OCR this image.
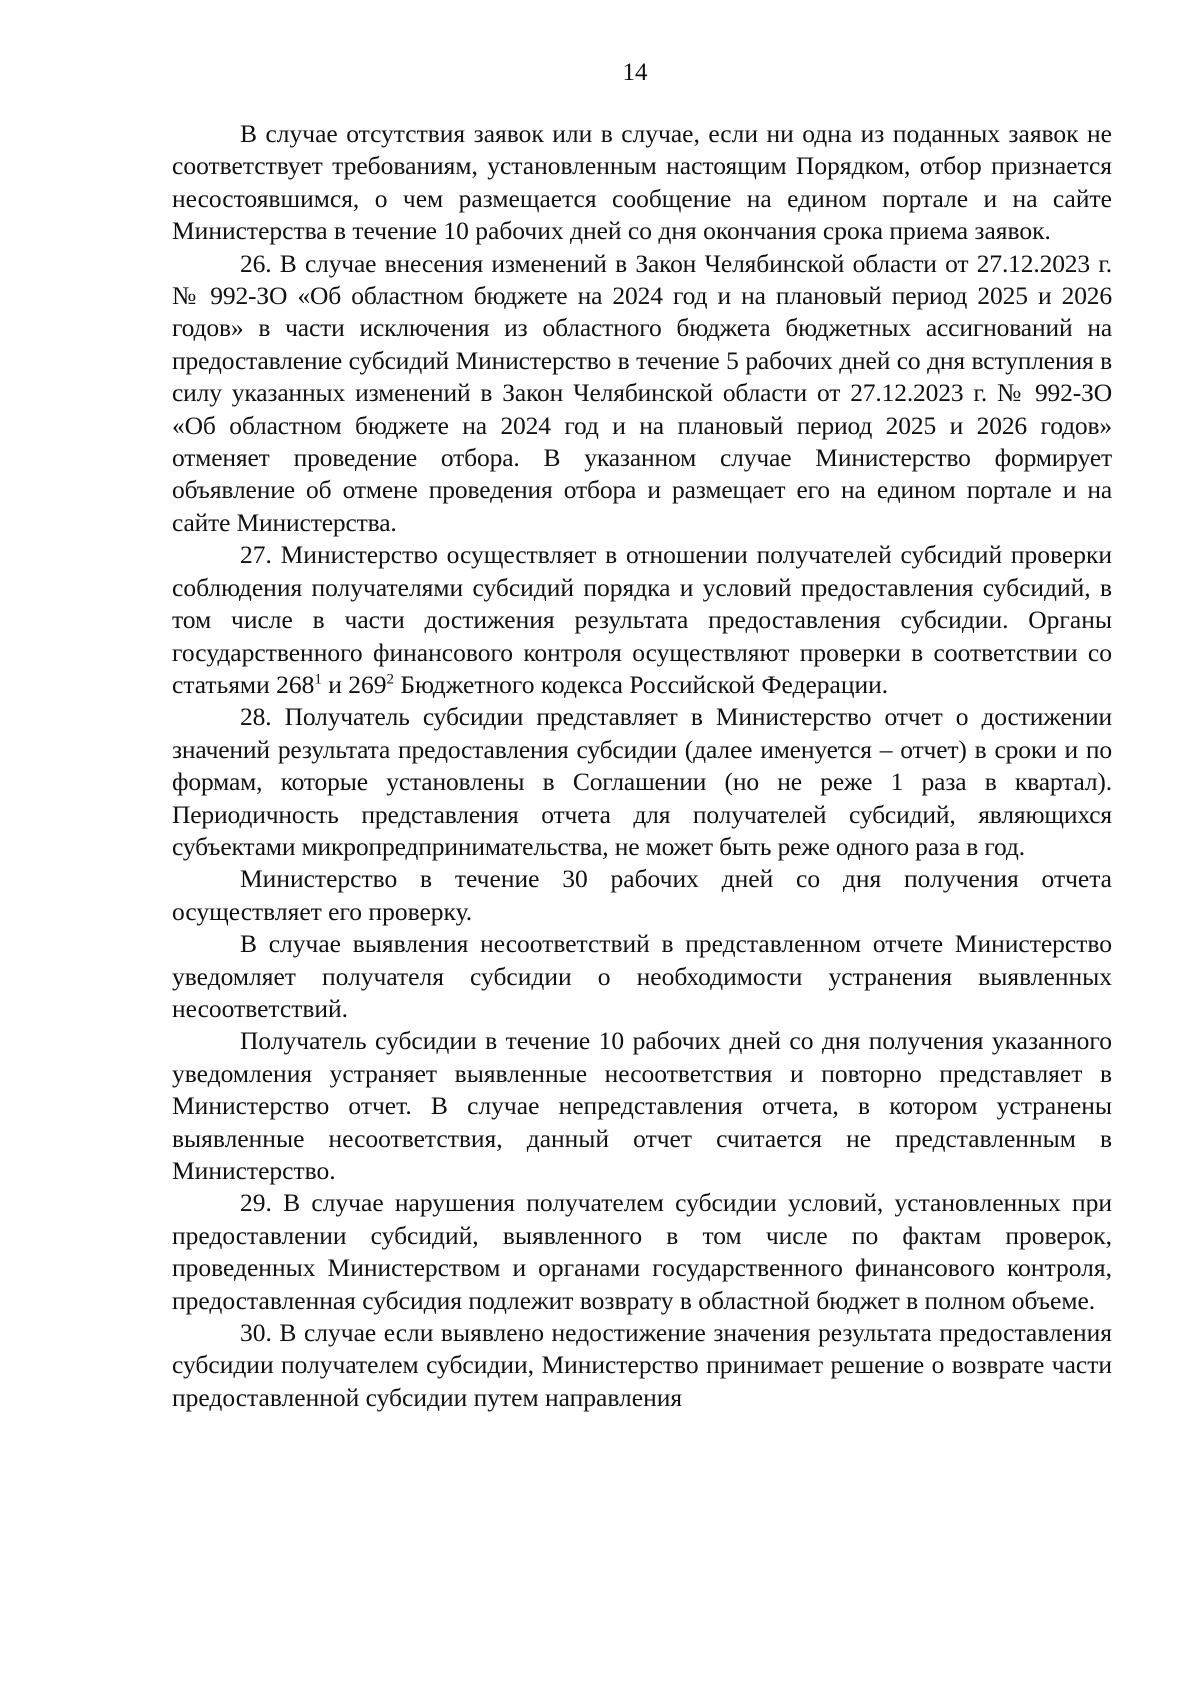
14

В случае отсутствия заявок или в случае, если ни одна из поданных заявок не соответствует требованиям, установленным настоящим Порядком, отбор признается несостоявшимся, о чем размещается сообщение на едином портале и на сайте Министерства в течение 10 рабочих дней со дня окончания срока приема заявок.

26. В случае внесения изменений в Закон Челябинской области от 27.12.2023 г. № 992-ЗО «Об областном бюджете на 2024 год и на плановый период 2025 и 2026 годов» в части исключения из областного бюджета бюджетных ассигнований на предоставление субсидий Министерство в течение 5 рабочих дней со дня вступления в силу указанных изменений в Закон Челябинской области от 27.12.2023 г. № 992-ЗО «Об областном бюджете на 2024 год и на плановый период 2025 и 2026 годов» отменяет проведение отбора. В указанном случае Министерство формирует объявление об отмене проведения отбора и размещает его на едином портале и на сайте Министерства.

27. Министерство осуществляет в отношении получателей субсидий проверки соблюдения получателями субсидий порядка и условий предоставления субсидий, в том числе в части достижения результата предоставления субсидии. Органы государственного финансового контроля осуществляют проверки в соответствии со статьями $268^1$ и $269^2$ Бюджетного кодекса Российской Федерации.

28. Получатель субсидии представляет в Министерство отчет о достижении значений результата предоставления субсидии (далее именуется – отчет) в сроки и по формам, которые установлены в Соглашении (но не реже 1 раза в квартал). Периодичность представления отчета для получателей субсидий, являющихся субъектами микропредпринимательства, не может быть реже одного раза в год.

Министерство в течение 30 рабочих дней со дня получения отчета осуществляет его проверку.

В случае выявления несоответствий в представленном отчете Министерство уведомляет получателя субсидии о необходимости устранения выявленных несоответствий.

Получатель субсидии в течение 10 рабочих дней со дня получения указанного уведомления устраняет выявленные несоответствия и повторно представляет в Министерство отчет. В случае непредставления отчета, в котором устранены выявленные несоответствия, данный отчет считается не представленным в Министерство.

29. В случае нарушения получателем субсидии условий, установленных при предоставлении субсидий, выявленного в том числе по фактам проверок, проведенных Министерством и органами государственного финансового контроля, предоставленная субсидия подлежит возврату в областной бюджет в полном объеме.

30. В случае если выявлено недостижение значения результата предоставления субсидии получателем субсидии, Министерство принимает решение о возврате части предоставленной субсидии путем направления
